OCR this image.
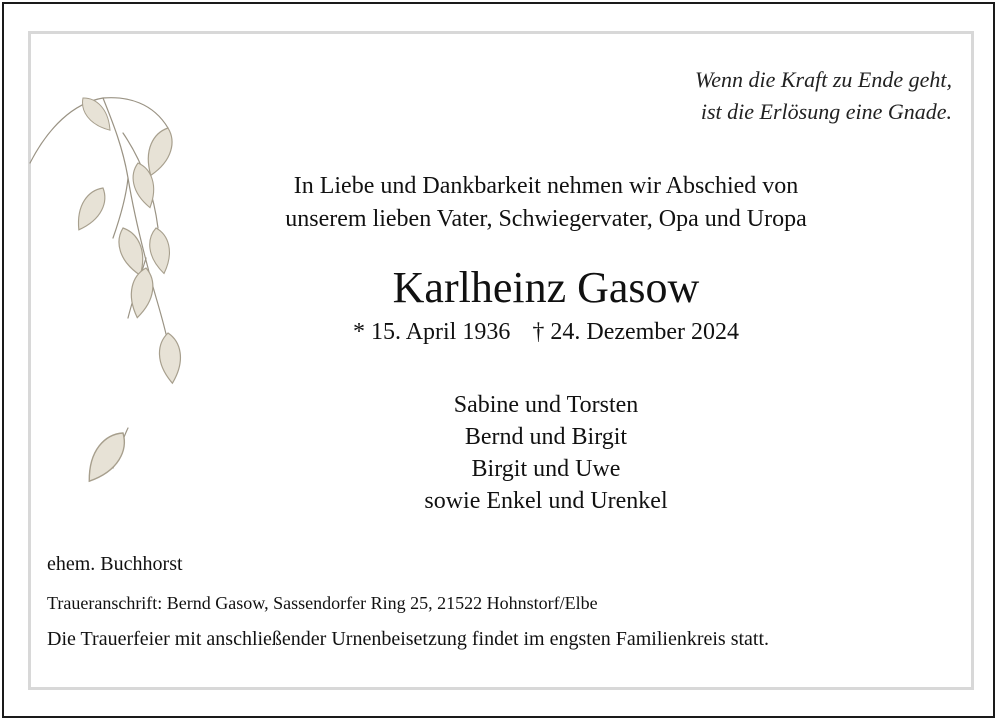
Wenn die Kraft zu Ende geht,
ist die Erlösung eine Gnade.
In Liebe und Dankbarkeit nehmen wir Abschied von
unserem lieben Vater, Schwiegervater, Opa und Uropa
Karlheinz Gasow
* 15. April 1936 † 24. Dezember 2024
Sabine und Torsten
Bernd und Birgit
Birgit und Uwe
sowie Enkel und Urenkel
ehem. Buchhorst
Traueranschrift: Bernd Gasow, Sassendorfer Ring 25, 21522 Hohnstorf/Elbe
Die Trauerfeier mit anschließender Urnenbeisetzung findet im engsten Familienkreis statt.
